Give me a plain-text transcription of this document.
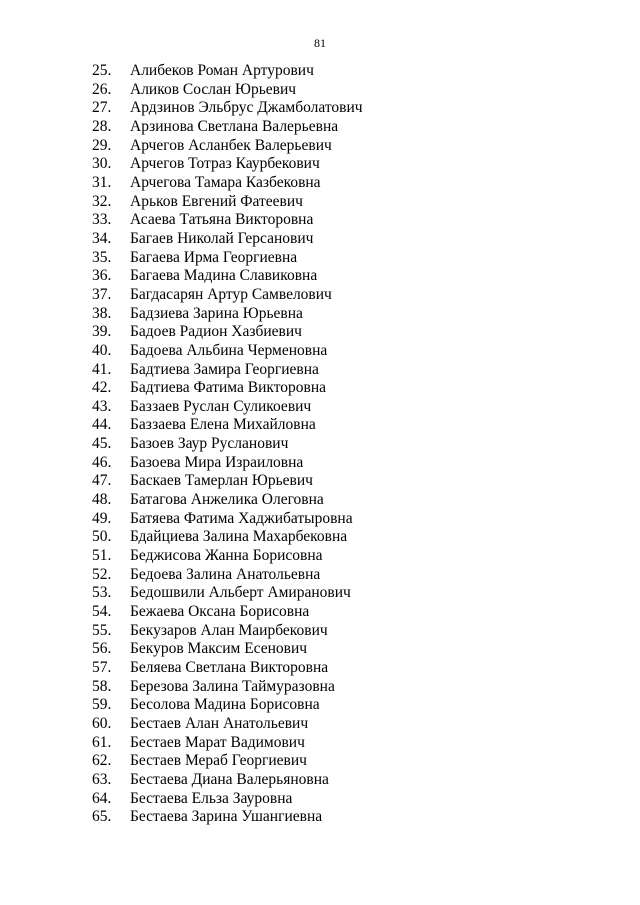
81
25.	Алибеков Роман Артурович
26.	Аликов Сослан Юрьевич
27.	Ардзинов Эльбрус Джамболатович
28.	Арзинова Светлана Валерьевна
29.	Арчегов Асланбек Валерьевич
30.	Арчегов Тотраз Каурбекович
31.	Арчегова Тамара Казбековна
32.	Арьков Евгений Фатеевич
33.	Асаева Татьяна Викторовна
34.	Багаев Николай Герсанович
35.	Багаева Ирма Георгиевна
36.	Багаева Мадина Славиковна
37.	Багдасарян Артур Самвелович
38.	Бадзиева Зарина Юрьевна
39.	Бадоев Радион Хазбиевич
40.	Бадоева Альбина Черменовна
41.	Бадтиева Замира Георгиевна
42.	Бадтиева Фатима Викторовна
43.	Баззаев Руслан Суликоевич
44.	Баззаева Елена Михайловна
45.	Базоев Заур Русланович
46.	Базоева Мира Израиловна
47.	Баскаев Тамерлан Юрьевич
48.	Батагова Анжелика Олеговна
49.	Батяева Фатима Хаджибатыровна
50.	Бдайциева Залина Махарбековна
51.	Беджисова Жанна Борисовна
52.	Бедоева Залина Анатольевна
53.	Бедошвили Альберт Амиранович
54.	Бежаева Оксана Борисовна
55.	Бекузаров Алан Маирбекович
56.	Бекуров Максим Есенович
57.	Беляева Светлана Викторовна
58.	Березова Залина Таймуразовна
59.	Бесолова Мадина Борисовна
60.	Бестаев Алан Анатольевич
61.	Бестаев Марат Вадимович
62.	Бестаев Мераб Георгиевич
63.	Бестаева Диана Валерьяновна
64.	Бестаева Ельза Зауровна
65.	Бестаева Зарина Ушангиевна
